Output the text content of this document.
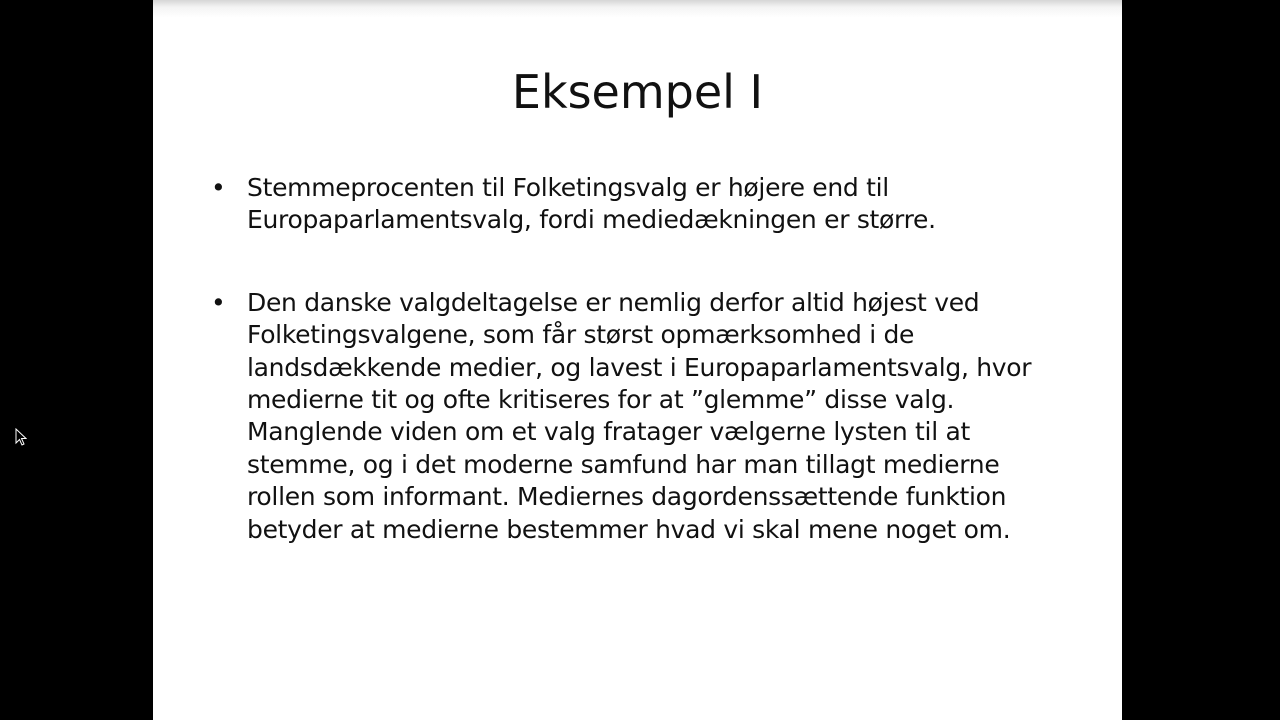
Eksempel I
• Stemmeprocenten til Folketingsvalg er højere end til Europaparlamentsvalg, fordi mediedækningen er større.
• Den danske valgdeltagelse er nemlig derfor altid højest ved Folketingsvalgene, som får størst opmærksomhed i de landsdækkende medier, og lavest i Europaparlamentsvalg, hvor medierne tit og ofte kritiseres for at ”glemme” disse valg. Manglende viden om et valg fratager vælgerne lysten til at stemme, og i det moderne samfund har man tillagt medierne rollen som informant. Mediernes dagordenssættende funktion betyder at medierne bestemmer hvad vi skal mene noget om.
